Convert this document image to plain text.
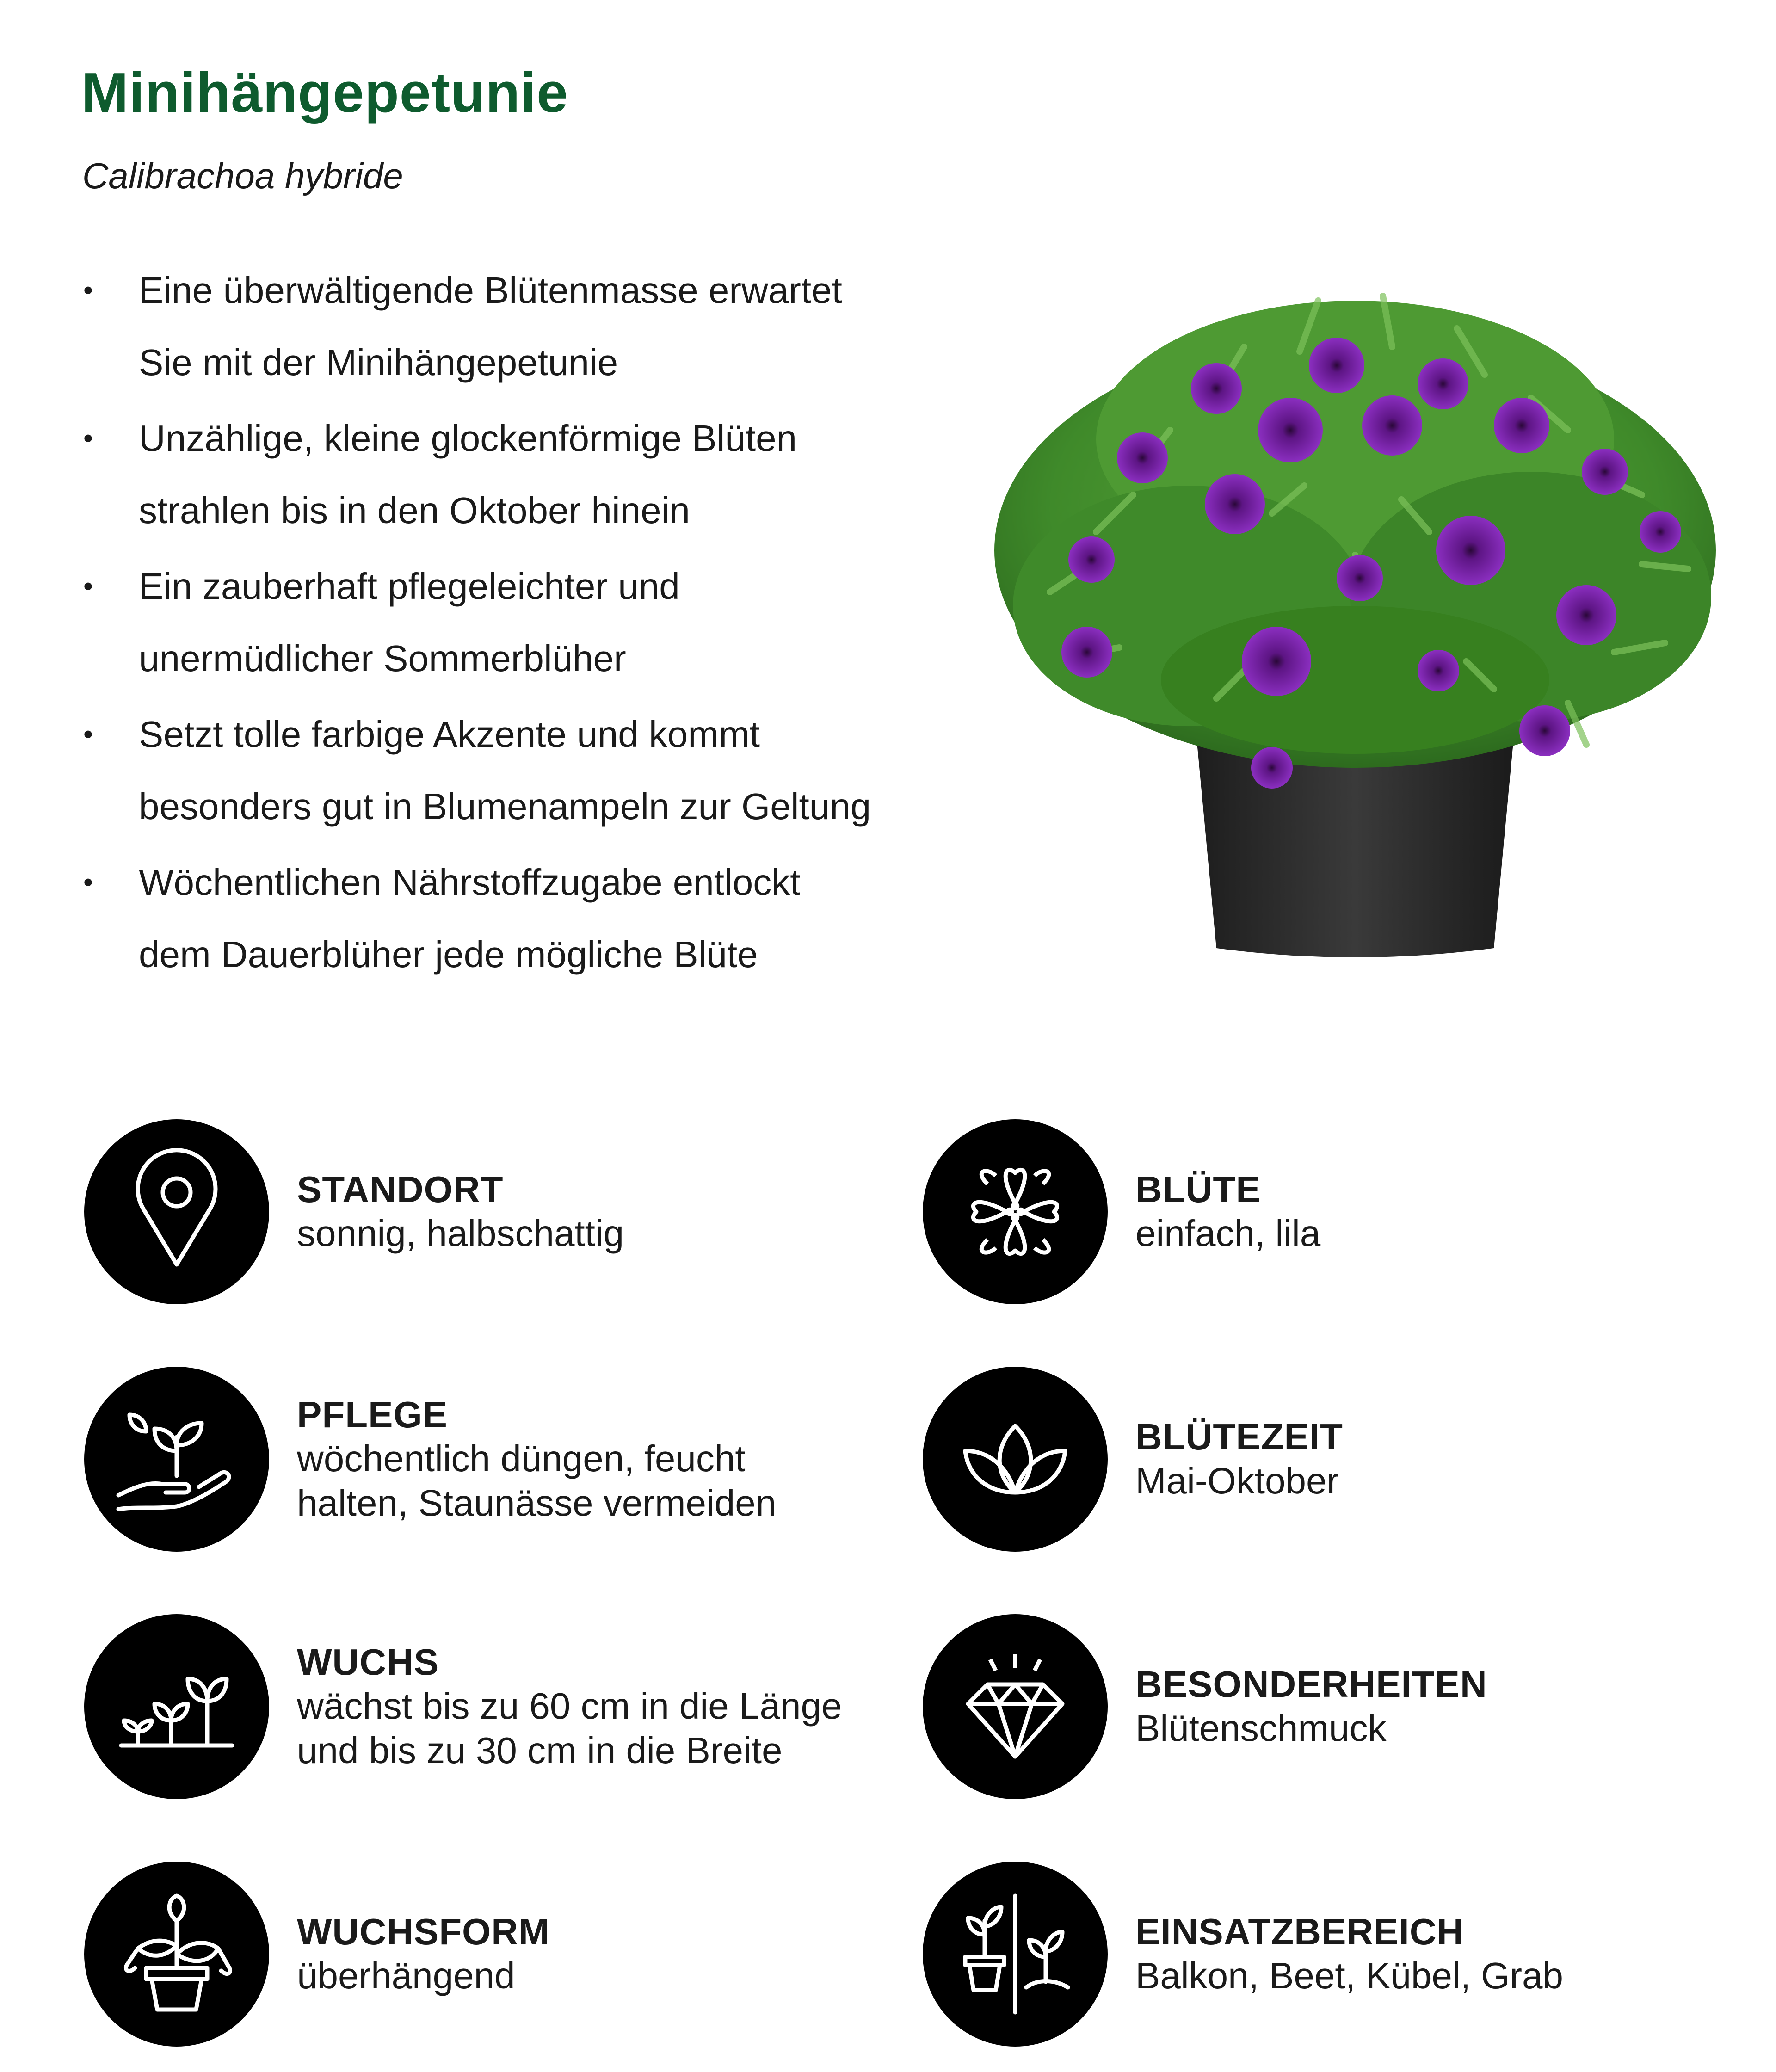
Minihängepetunie
Calibrachoa hybride
• Eine überwältigende Blütenmasse erwartet
Sie mit der Minihängepetunie
• Unzählige, kleine glockenförmige Blüten
strahlen bis in den Oktober hinein
• Ein zauberhaft pflegeleichter und
unermüdlicher Sommerblüher
• Setzt tolle farbige Akzente und kommt
besonders gut in Blumenampeln zur Geltung
• Wöchentlichen Nährstoffzugabe entlockt
dem Dauerblüher jede mögliche Blüte
STANDORT
sonnig, halbschattig
BLÜTE
einfach, lila
PFLEGE
wöchentlich düngen, feucht
halten, Staunässe vermeiden
BLÜTEZEIT
Mai-Oktober
WUCHS
wächst bis zu 60 cm in die Länge
und bis zu 30 cm in die Breite
BESONDERHEITEN
Blütenschmuck
WUCHSFORM
überhängend
EINSATZBEREICH
Balkon, Beet, Kübel, Grab
